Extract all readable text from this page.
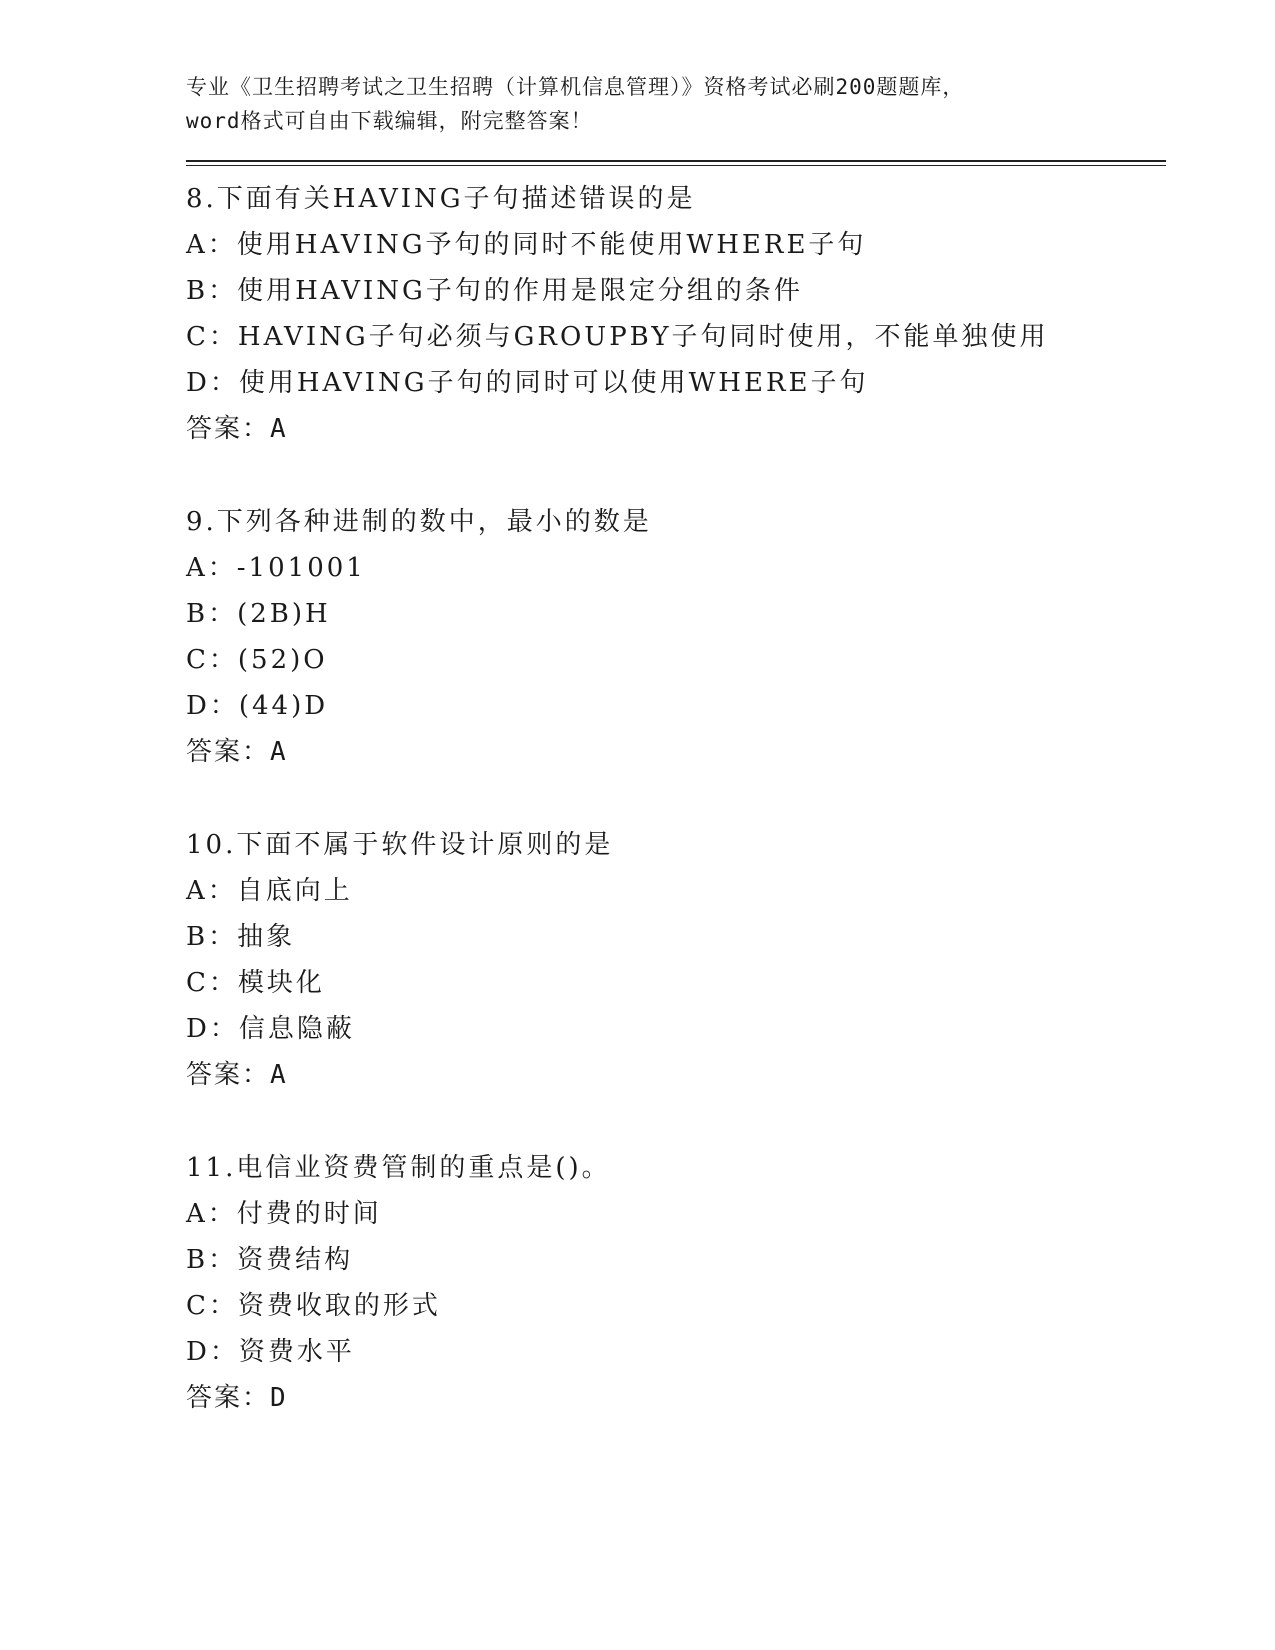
专业《卫生招聘考试之卫生招聘（计算机信息管理）》资格考试必刷200题题库，
word格式可自由下载编辑，附完整答案！
8.下面有关HAVING子句描述错误的是
A：使用HAVING予句的同时不能使用WHERE子句
B：使用HAVING子句的作用是限定分组的条件
C：HAVING子句必须与GROUPBY子句同时使用，不能单独使用
D：使用HAVING子句的同时可以使用WHERE子句
答案：A
9.下列各种进制的数中，最小的数是
A：-101001
B：(2B)H
C：(52)O
D：(44)D
答案：A
10.下面不属于软件设计原则的是
A：自底向上
B：抽象
C：模块化
D：信息隐蔽
答案：A
11.电信业资费管制的重点是()。
A：付费的时间
B：资费结构
C：资费收取的形式
D：资费水平
答案：D
